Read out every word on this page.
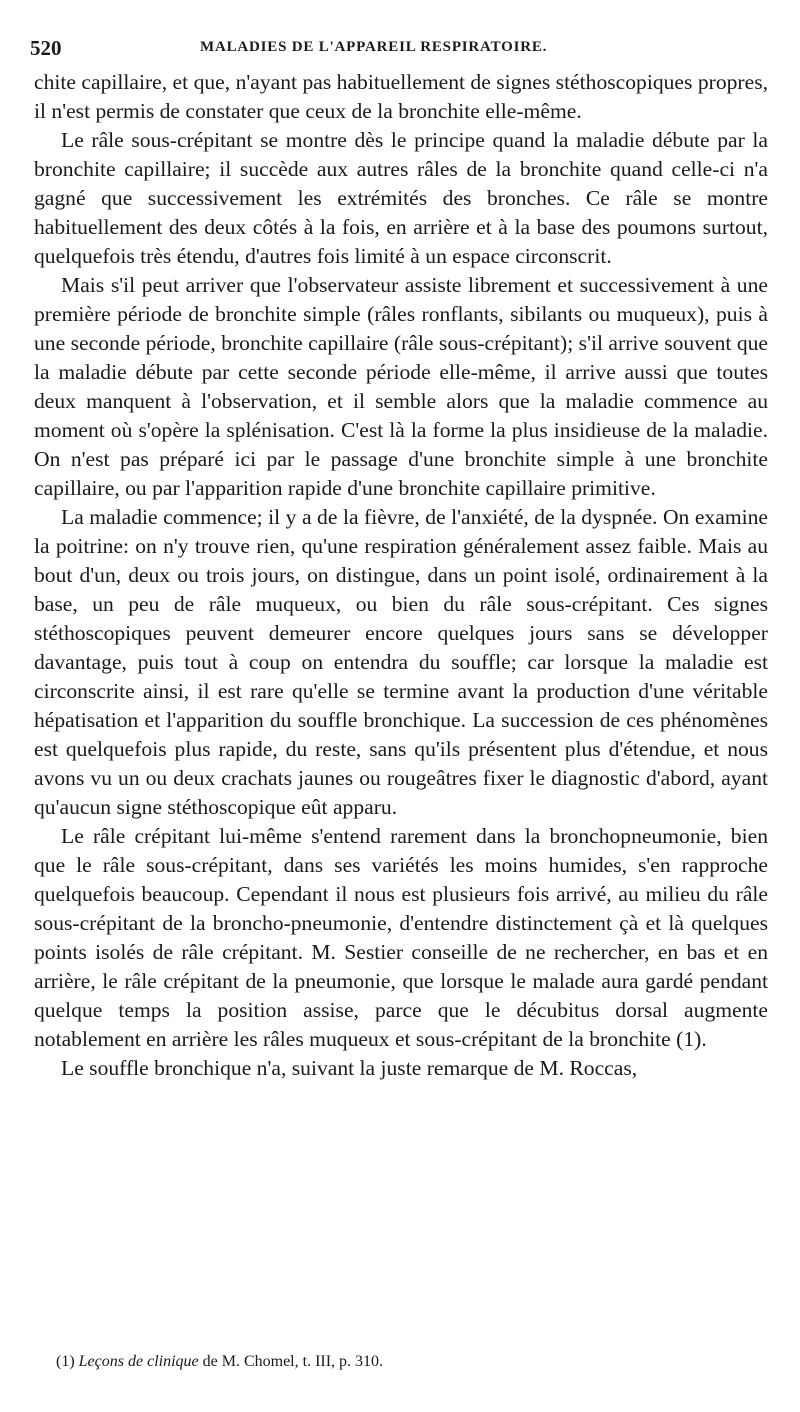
520	MALADIES DE L'APPAREIL RESPIRATOIRE.

chite capillaire, et que, n'ayant pas habituellement de signes stéthoscopiques propres, il n'est permis de constater que ceux de la bronchite elle-même.

Le râle sous-crépitant se montre dès le principe quand la maladie débute par la bronchite capillaire; il succède aux autres râles de la bronchite quand celle-ci n'a gagné que successivement les extrémités des bronches. Ce râle se montre habituellement des deux côtés à la fois, en arrière et à la base des poumons surtout, quelquefois très étendu, d'autres fois limité à un espace circonscrit.

Mais s'il peut arriver que l'observateur assiste librement et successivement à une première période de bronchite simple (râles ronflants, sibilants ou muqueux), puis à une seconde période, bronchite capillaire (râle sous-crépitant); s'il arrive souvent que la maladie débute par cette seconde période elle-même, il arrive aussi que toutes deux manquent à l'observation, et il semble alors que la maladie commence au moment où s'opère la splénisation. C'est là la forme la plus insidieuse de la maladie. On n'est pas préparé ici par le passage d'une bronchite simple à une bronchite capillaire, ou par l'apparition rapide d'une bronchite capillaire primitive.

La maladie commence; il y a de la fièvre, de l'anxiété, de la dyspnée. On examine la poitrine: on n'y trouve rien, qu'une respiration généralement assez faible. Mais au bout d'un, deux ou trois jours, on distingue, dans un point isolé, ordinairement à la base, un peu de râle muqueux, ou bien du râle sous-crépitant. Ces signes stéthoscopiques peuvent demeurer encore quelques jours sans se développer davantage, puis tout à coup on entendra du souffle; car lorsque la maladie est circonscrite ainsi, il est rare qu'elle se termine avant la production d'une véritable hépatisation et l'apparition du souffle bronchique. La succession de ces phénomènes est quelquefois plus rapide, du reste, sans qu'ils présentent plus d'étendue, et nous avons vu un ou deux crachats jaunes ou rougeâtres fixer le diagnostic d'abord, ayant qu'aucun signe stéthoscopique eût apparu.

Le râle crépitant lui-même s'entend rarement dans la bronchopneumonie, bien que le râle sous-crépitant, dans ses variétés les moins humides, s'en rapproche quelquefois beaucoup. Cependant il nous est plusieurs fois arrivé, au milieu du râle sous-crépitant de la broncho-pneumonie, d'entendre distinctement çà et là quelques points isolés de râle crépitant. M. Sestier conseille de ne rechercher, en bas et en arrière, le râle crépitant de la pneumonie, que lorsque le malade aura gardé pendant quelque temps la position assise, parce que le décubitus dorsal augmente notablement en arrière les râles muqueux et sous-crépitant de la bronchite (1).

Le souffle bronchique n'a, suivant la juste remarque de M. Roccas,

(1) Leçons de clinique de M. Chomel, t. III, p. 310.
